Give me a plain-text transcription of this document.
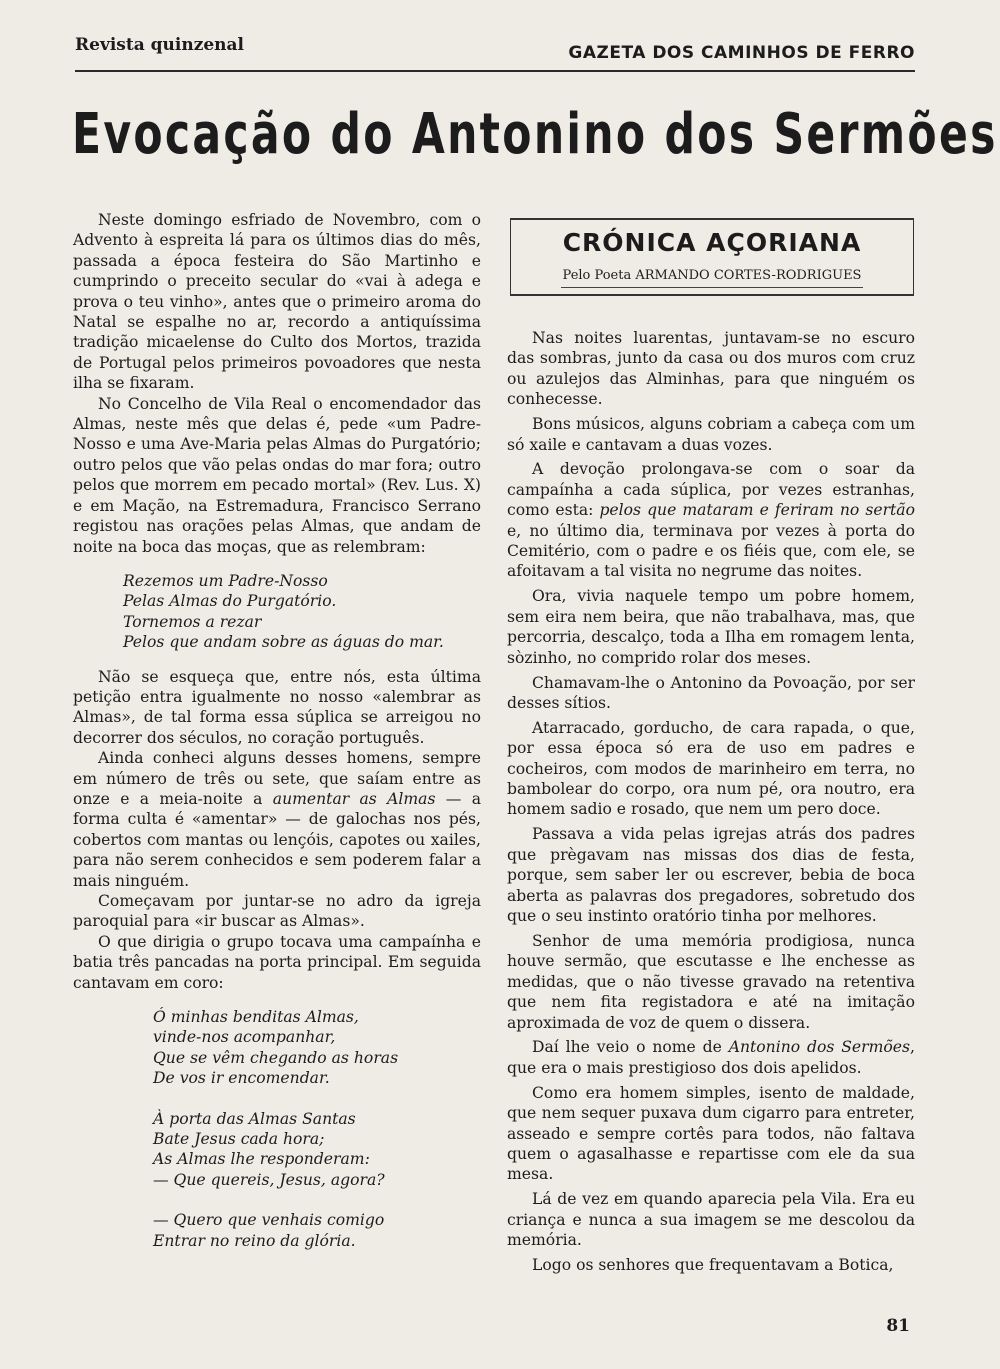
Revista quinzenal	GAZETA DOS CAMINHOS DE FERRO
Evocação do Antonino dos Sermões

Neste domingo esfriado de Novembro, com o Advento à espreita lá para os últimos dias do mês, passada a época festeira do São Martinho e cumprindo o preceito secular do «vai à adega e prova o teu vinho», antes que o primeiro aroma do Natal se espalhe no ar, recordo a antiquíssima tradição micaelense do Culto dos Mortos, trazida de Portugal pelos primeiros povoadores que nesta ilha se fixaram.

No Concelho de Vila Real o encomendador das Almas, neste mês que delas é, pede «um Padre-Nosso e uma Ave-Maria pelas Almas do Purgatório; outro pelos que vão pelas ondas do mar fora; outro pelos que morrem em pecado mortal» (Rev. Lus. X) e em Mação, na Estremadura, Francisco Serrano registou nas orações pelas Almas, que andam de noite na boca das moças, que as relembram:

Rezemos um Padre-Nosso
Pelas Almas do Purgatório.
Tornemos a rezar
Pelos que andam sobre as águas do mar.

Não se esqueça que, entre nós, esta última petição entra igualmente no nosso «alembrar as Almas», de tal forma essa súplica se arreigou no decorrer dos séculos, no coração português.

Ainda conheci alguns desses homens, sempre em número de três ou sete, que saíam entre as onze e a meia-noite a aumentar as Almas — a forma culta é «amentar» — de galochas nos pés, cobertos com mantas ou lençóis, capotes ou xailes, para não serem conhecidos e sem poderem falar a mais ninguém.

Começavam por juntar-se no adro da igreja paroquial para «ir buscar as Almas».

O que dirigia o grupo tocava uma campaínha e batia três pancadas na porta principal. Em seguida cantavam em coro:

Ó minhas benditas Almas,
vinde-nos acompanhar,
Que se vêm chegando as horas
De vos ir encomendar.
À porta das Almas Santas
Bate Jesus cada hora;
As Almas lhe responderam:
— Que quereis, Jesus, agora?
— Quero que venhais comigo
Entrar no reino da glória.
CRÓNICA AÇORIANA
Pelo Poeta ARMANDO CORTES-RODRIGUES

Nas noites luarentas, juntavam-se no escuro das sombras, junto da casa ou dos muros com cruz ou azulejos das Alminhas, para que ninguém os conhecesse.

Bons músicos, alguns cobriam a cabeça com um só xaile e cantavam a duas vozes.

A devoção prolongava-se com o soar da campaínha a cada súplica, por vezes estranhas, como esta: pelos que mataram e feriram no sertão e, no último dia, terminava por vezes à porta do Cemitério, com o padre e os fiéis que, com ele, se afoitavam a tal visita no negrume das noites.

Ora, vivia naquele tempo um pobre homem, sem eira nem beira, que não trabalhava, mas, que percorria, descalço, toda a Ilha em romagem lenta, sòzinho, no comprido rolar dos meses.

Chamavam-lhe o Antonino da Povoação, por ser desses sítios.

Atarracado, gorducho, de cara rapada, o que, por essa época só era de uso em padres e cocheiros, com modos de marinheiro em terra, no bambolear do corpo, ora num pé, ora noutro, era homem sadio e rosado, que nem um pero doce.

Passava a vida pelas igrejas atrás dos padres que prègavam nas missas dos dias de festa, porque, sem saber ler ou escrever, bebia de boca aberta as palavras dos pregadores, sobretudo dos que o seu instinto oratório tinha por melhores.

Senhor de uma memória prodigiosa, nunca houve sermão, que escutasse e lhe enchesse as medidas, que o não tivesse gravado na retentiva que nem fita registadora e até na imitação aproximada de voz de quem o dissera.

Daí lhe veio o nome de Antonino dos Sermões, que era o mais prestigioso dos dois apelidos.

Como era homem simples, isento de maldade, que nem sequer puxava dum cigarro para entreter, asseado e sempre cortês para todos, não faltava quem o agasalhasse e repartisse com ele da sua mesa.

Lá de vez em quando aparecia pela Vila. Era eu criança e nunca a sua imagem se me descolou da memória.

Logo os senhores que frequentavam a Botica,

81
